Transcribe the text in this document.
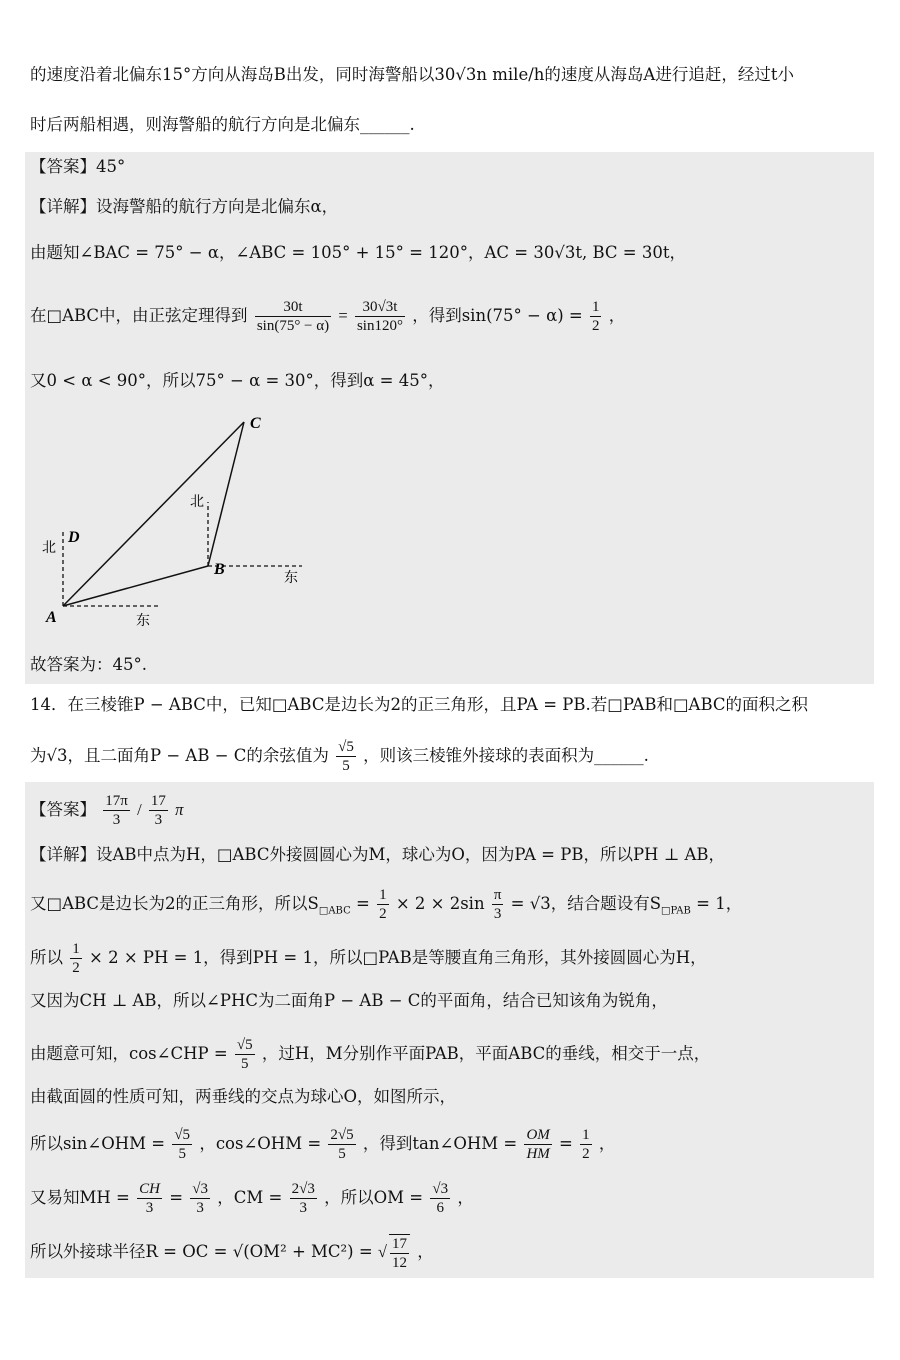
的速度沿着北偏东15°方向从海岛B出发，同时海警船以30√3n mile/h的速度从海岛A进行追赶，经过t小
时后两船相遇，则海警船的航行方向是北偏东______.
【答案】45°
【详解】设海警船的航行方向是北偏东α，
由题知∠BAC = 75° − α，∠ABC = 105° + 15° = 120°，AC = 30√3t, BC = 30t，
在□ABC中，由正弦定理得到 $\frac{30t}{\sin(75^\circ - \alpha)} = \frac{30√3t}{\sin 120^\circ}$ ，得到$\sin(75^\circ - \alpha) = \frac{1}{2}$ ，
又0 < α < 90°，所以75° − α = 30°，得到α = 45°，
A
B
C
D
北
北
东
东
故答案为：45°.
14．在三棱锥P − ABC中，已知□ABC是边长为2的正三角形，且PA = PB.若□PAB和□ABC的面积之积
为√3，且二面角P − AB − C的余弦值为 $\frac{√5}{5}$ ，则该三棱锥外接球的表面积为______.
【答案】 $\frac{17\pi}{3} / \frac{17}{3}$ π
【详解】设AB中点为H，□ABC外接圆圆心为M，球心为O，因为PA = PB，所以PH ⊥ AB，
又□ABC是边长为2的正三角形，所以$S_{□ABC} = \frac{1}{2} \times 2 \times 2\sin \frac{\pi}{3} = √3$，结合题设有$S_{□PAB} = 1$，
所以 $\frac{1}{2} \times 2$ × PH = 1，得到PH = 1，所以□PAB是等腰直角三角形，其外接圆圆心为H，
又因为CH ⊥ AB，所以∠PHC为二面角P − AB − C的平面角，结合已知该角为锐角，
由题意可知，cos∠CHP = $\frac{√5}{5}$ ，过H，M分别作平面PAB，平面ABC的垂线，相交于一点，
由截面圆的性质可知，两垂线的交点为球心O，如图所示，
所以sin∠OHM = $\frac{√5}{5}$ ，cos∠OHM = $\frac{2√5}{5}$ ，得到tan∠OHM = $\frac{OM}{HM} = \frac{1}{2}$ ，
又易知MH = $\frac{CH}{3} = \frac{√3}{3}$ ，CM = $\frac{2√3}{3}$ ，所以OM = $\frac{√3}{6}$ ，
所以外接球半径R = OC = √(OM² + MC²) = √ $\frac{17}{12}$ ，
